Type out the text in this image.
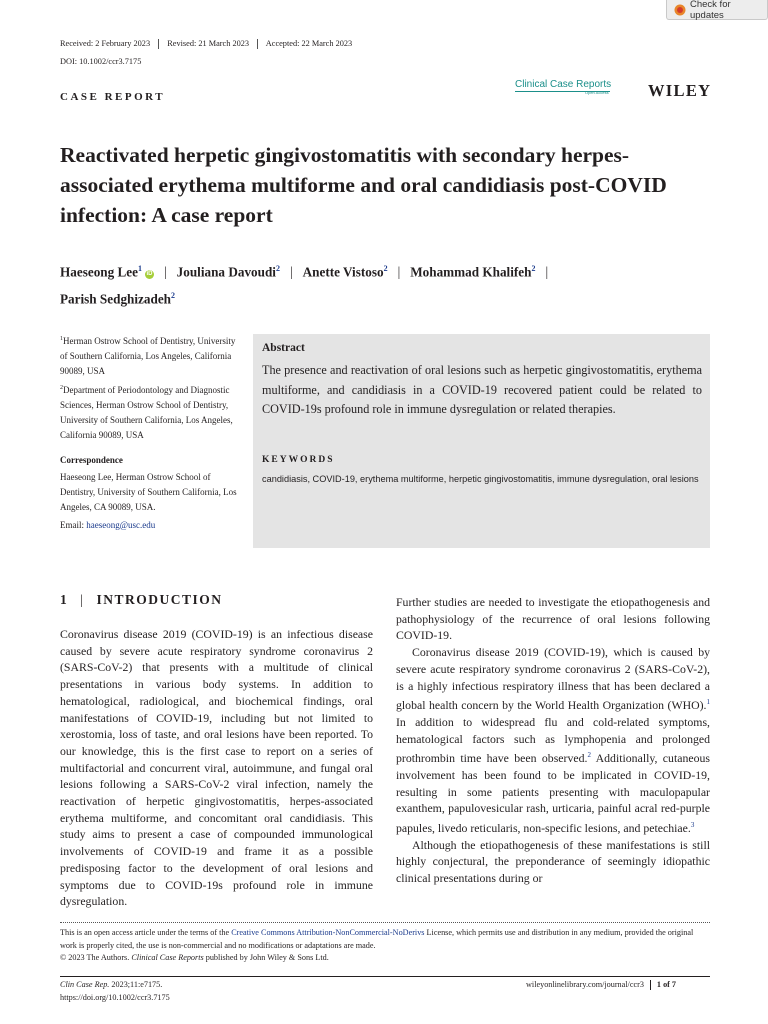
Check for updates
Received: 2 February 2023 Revised: 21 March 2023 Accepted: 22 March 2023
DOI: 10.1002/ccr3.7175
CASE REPORT
Clinical Case Reports
Open Access WILEY
Reactivated herpetic gingivostomatitis with secondary herpes-associated erythema multiforme and oral candidiasis post-COVID infection: A case report
Haeseong Lee$^1$iD | Jouliana Davoudi$^2$ | Anette Vistoso$^2$ | Mohammad Khalifeh$^2$ |
Parish Sedghizadeh$^2$

$^1$Herman Ostrow School of Dentistry, University of Southern California, Los Angeles, California 90089, USA

$^2$Department of Periodontology and Diagnostic Sciences, Herman Ostrow School of Dentistry, University of Southern California, Los Angeles, California 90089, USA

Correspondence

Haeseong Lee, Herman Ostrow School of Dentistry, University of Southern California, Los Angeles, CA 90089, USA.

Email: haeseong@usc.edu

Abstract
The presence and reactivation of oral lesions such as herpetic gingivostomatitis, erythema multiforme, and candidiasis in a COVID-19 recovered patient could be related to COVID-19s profound role in immune dysregulation or related therapies.
KEYWORDS
candidiasis, COVID-19, erythema multiforme, herpetic gingivostomatitis, immune dysregulation, oral lesions
1 | INTRODUCTION

Coronavirus disease 2019 (COVID-19) is an infectious disease caused by severe acute respiratory syndrome coronavirus 2 (SARS-CoV-2) that presents with a multitude of clinical presentations in various body systems. In addition to hematological, radiological, and biochemical findings, oral manifestations of COVID-19, including but not limited to xerostomia, loss of taste, and oral lesions have been reported. To our knowledge, this is the first case to report on a series of multifactorial and concurrent viral, autoimmune, and fungal oral lesions following a SARS-CoV-2 viral infection, namely the reactivation of herpetic gingivostomatitis, herpes-associated erythema multiforme, and concomitant oral candidiasis. This study aims to present a case of compounded immunological involvements of COVID-19 and frame it as a possible predisposing factor to the development of oral lesions and symptoms due to COVID-19s profound role in immune dysregulation.

Further studies are needed to investigate the etiopathogenesis and pathophysiology of the recurrence of oral lesions following COVID-19.

Coronavirus disease 2019 (COVID-19), which is caused by severe acute respiratory syndrome coronavirus 2 (SARS-CoV-2), is a highly infectious respiratory illness that has been declared a global health concern by the World Health Organization (WHO).$^1$ In addition to widespread flu and cold-related symptoms, hematological factors such as lymphopenia and prolonged prothrombin time have been observed.$^2$ Additionally, cutaneous involvement has been found to be implicated in COVID-19, resulting in some patients presenting with maculopapular exanthem, papulovesicular rash, urticaria, painful acral red-purple papules, livedo reticularis, non-specific lesions, and petechiae.$^3$

Although the etiopathogenesis of these manifestations is still highly conjectural, the preponderance of seemingly idiopathic clinical presentations during or

This is an open access article under the terms of the Creative Commons Attribution-NonCommercial-NoDerivs License, which permits use and distribution in any medium, provided the original work is properly cited, the use is non-commercial and no modifications or adaptations are made.

© 2023 The Authors. Clinical Case Reports published by John Wiley & Sons Ltd.

Clin Case Rep. 2023;11:e7175.
https://doi.org/10.1002/ccr3.7175
wileyonlinelibrary.com/journal/ccr3 1 of 7
